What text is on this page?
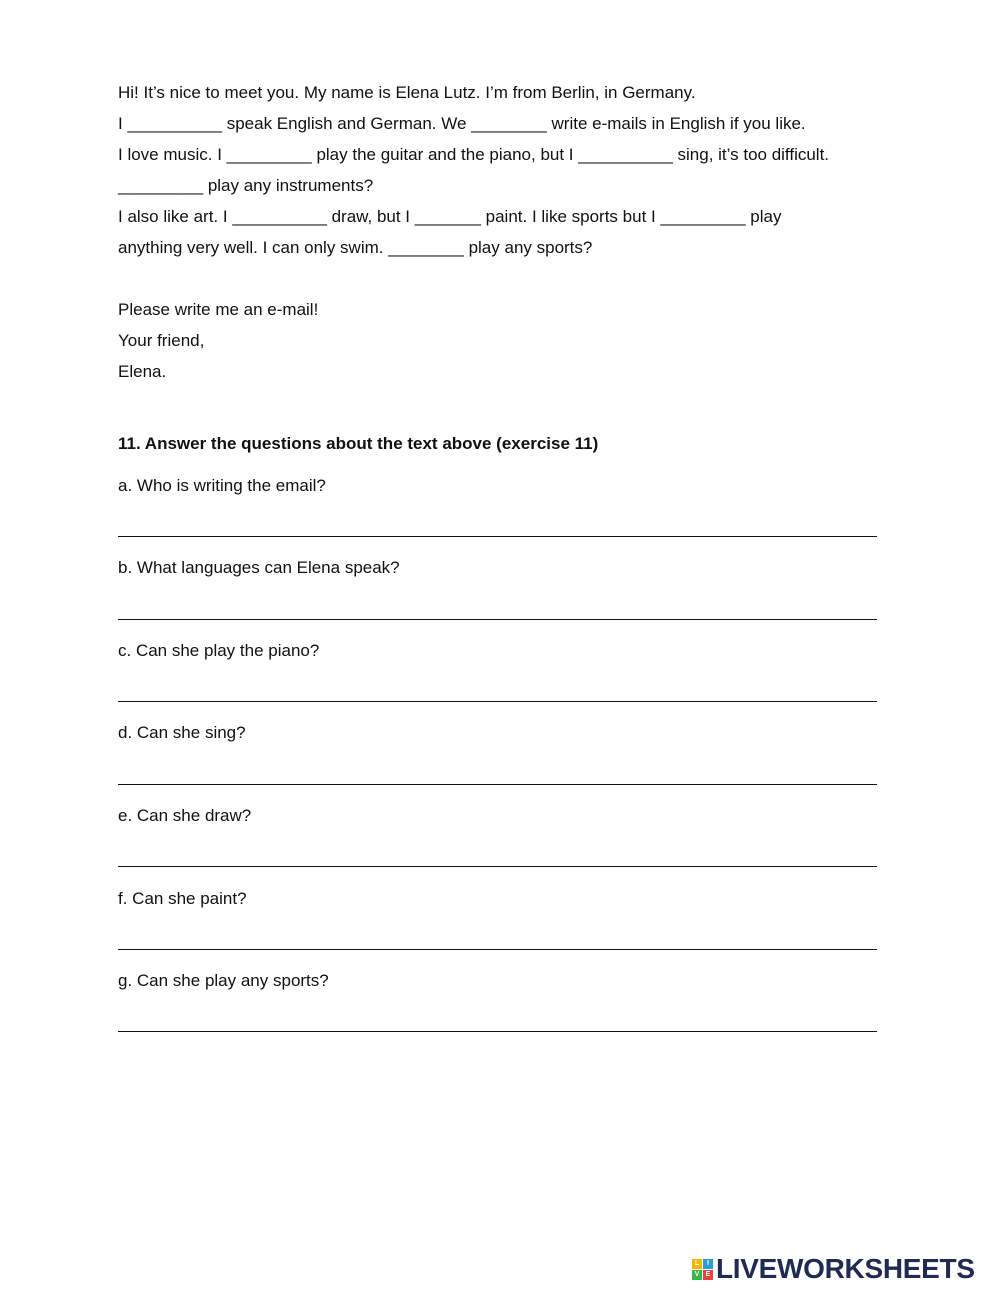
Hi! It’s nice to meet you. My name is Elena Lutz. I’m from Berlin, in Germany.
I __________ speak English and German. We ________ write e-mails in English if you like.
I love music. I _________ play the guitar and the piano, but I __________ sing, it’s too difficult.
_________ play any instruments?
I also like art. I __________ draw, but I _______ paint. I like sports but I _________ play
anything very well. I can only swim. ________ play any sports?
Please write me an e-mail!
Your friend,
Elena.
11. Answer the questions about the text above (exercise 11)
a. Who is writing the email?
b. What languages can Elena speak?
c. Can she play the piano?
d. Can she sing?
e. Can she draw?
f. Can she paint?
g. Can she play any sports?
L	I
V E LIVEWORKSHEETS
